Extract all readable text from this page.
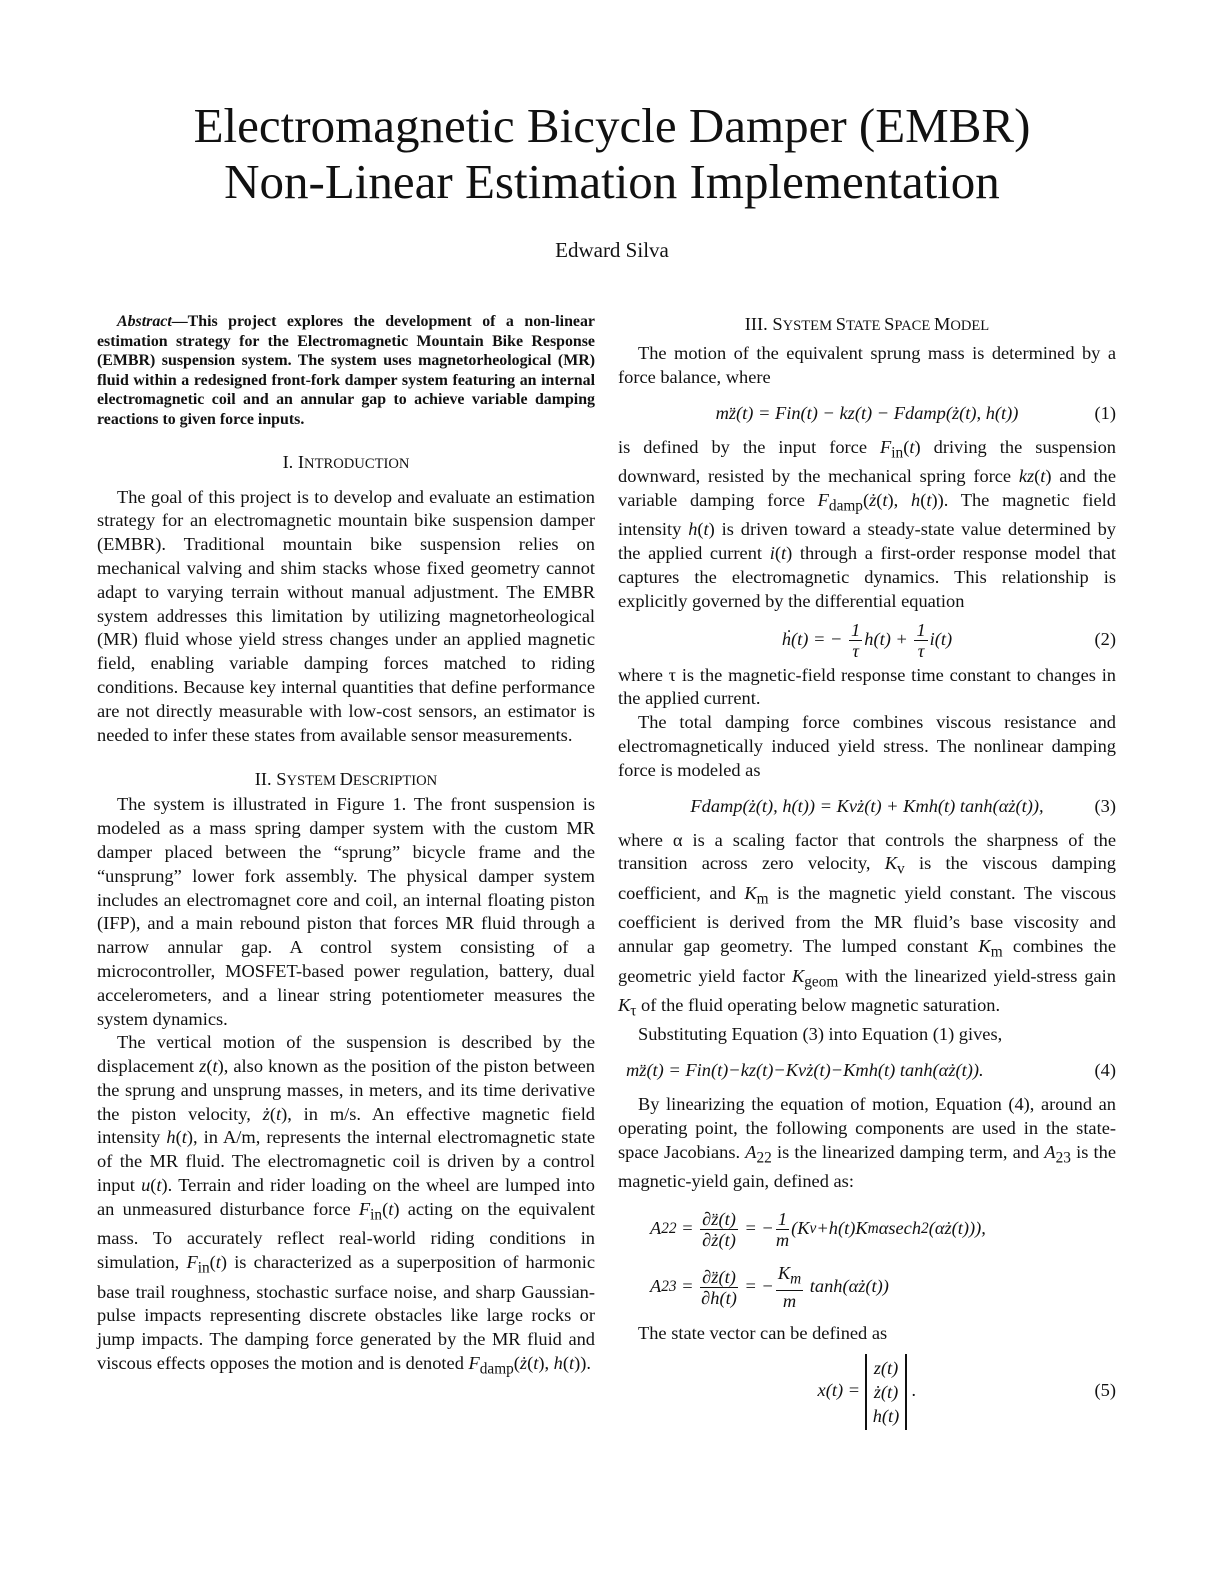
Electromagnetic Bicycle Damper (EMBR)
Non-Linear Estimation Implementation
Edward Silva
Abstract—This project explores the development of a non-linear estimation strategy for the Electromagnetic Mountain Bike Response (EMBR) suspension system. The system uses magnetorheological (MR) fluid within a redesigned front-fork damper system featuring an internal electromagnetic coil and an annular gap to achieve variable damping reactions to given force inputs.
I. INTRODUCTION

The goal of this project is to develop and evaluate an estimation strategy for an electromagnetic mountain bike suspension damper (EMBR). Traditional mountain bike suspension relies on mechanical valving and shim stacks whose fixed geometry cannot adapt to varying terrain without manual adjustment. The EMBR system addresses this limitation by utilizing magnetorheological (MR) fluid whose yield stress changes under an applied magnetic field, enabling variable damping forces matched to riding conditions. Because key internal quantities that define performance are not directly measurable with low-cost sensors, an estimator is needed to infer these states from available sensor measurements.

II. SYSTEM DESCRIPTION

The system is illustrated in Figure 1. The front suspension is modeled as a mass spring damper system with the custom MR damper placed between the “sprung” bicycle frame and the “unsprung” lower fork assembly. The physical damper system includes an electromagnet core and coil, an internal floating piston (IFP), and a main rebound piston that forces MR fluid through a narrow annular gap. A control system consisting of a microcontroller, MOSFET-based power regulation, battery, dual accelerometers, and a linear string potentiometer measures the system dynamics.

The vertical motion of the suspension is described by the displacement z(t), also known as the position of the piston between the sprung and unsprung masses, in meters, and its time derivative the piston velocity, ż(t), in m/s. An effective magnetic field intensity h(t), in A/m, represents the internal electromagnetic state of the MR fluid. The electromagnetic coil is driven by a control input u(t). Terrain and rider loading on the wheel are lumped into an unmeasured disturbance force $F_{in}(t)$ acting on the equivalent mass. To accurately reflect real-world riding conditions in simulation, $F_{in}(t)$ is characterized as a superposition of harmonic base trail roughness, stochastic surface noise, and sharp Gaussian-pulse impacts representing discrete obstacles like large rocks or jump impacts. The damping force generated by the MR fluid and viscous effects opposes the motion and is denoted $F_{damp}(ż(t)$, h(t)).

III. SYSTEM STATE SPACE MODEL

The motion of the equivalent sprung mass is determined by a force balance, where

mz̈(t) = Fin(t) − kz(t) − Fdamp(ż(t), h(t))	(1)

is defined by the input force $F_{in}(t)$ driving the suspension downward, resisted by the mechanical spring force kz(t) and the variable damping force $F_{damp}(ż(t)$, h(t)). The magnetic field intensity h(t) is driven toward a steady-state value determined by the applied current i(t) through a first-order response model that captures the electromagnetic dynamics. This relationship is explicitly governed by the differential equation

ḣ(t) = − $\frac{1}{\tau} h(t) + \frac{1}{\tau} i(t)$	(2)

where τ is the magnetic-field response time constant to changes in the applied current.

The total damping force combines viscous resistance and electromagnetically induced yield stress. The nonlinear damping force is modeled as

Fdamp(ż(t), h(t)) = Kvż(t) + Kmh(t) tanh(αż(t)),	(3)

where α is a scaling factor that controls the sharpness of the transition across zero velocity, $K_v$ is the viscous damping coefficient, and $K_m$ is the magnetic yield constant. The viscous coefficient is derived from the MR fluid’s base viscosity and annular gap geometry. The lumped constant $K_m$ combines the geometric yield factor $K_{geom}$ with the linearized yield-stress gain $K_\tau$ of the fluid operating below magnetic saturation.

Substituting Equation (3) into Equation (1) gives,

mz̈(t) = Fin(t)−kz(t)−Kvż(t)−Kmh(t) tanh(αż(t)).	(4)

By linearizing the equation of motion, Equation (4), around an operating point, the following components are used in the state-space Jacobians. $A_{22}$ is the linearized damping term, and $A_{23}$ is the magnetic-yield gain, defined as:

A $22 = \frac{\partial z̈(t)}{\partial ż(t)}$ = − $\frac{1}{m}$ ( K v + h ( t ) K m α sech 2 ( αż ( t ))),
A $23 = \frac{\partial z̈(t)}{\partial h(t)}$ = − $\frac{K_m}{m} \tanh$( αż ( t ))

The state vector can be defined as

x(t) = z(t)
ż(t)
h(t) .	(5)
